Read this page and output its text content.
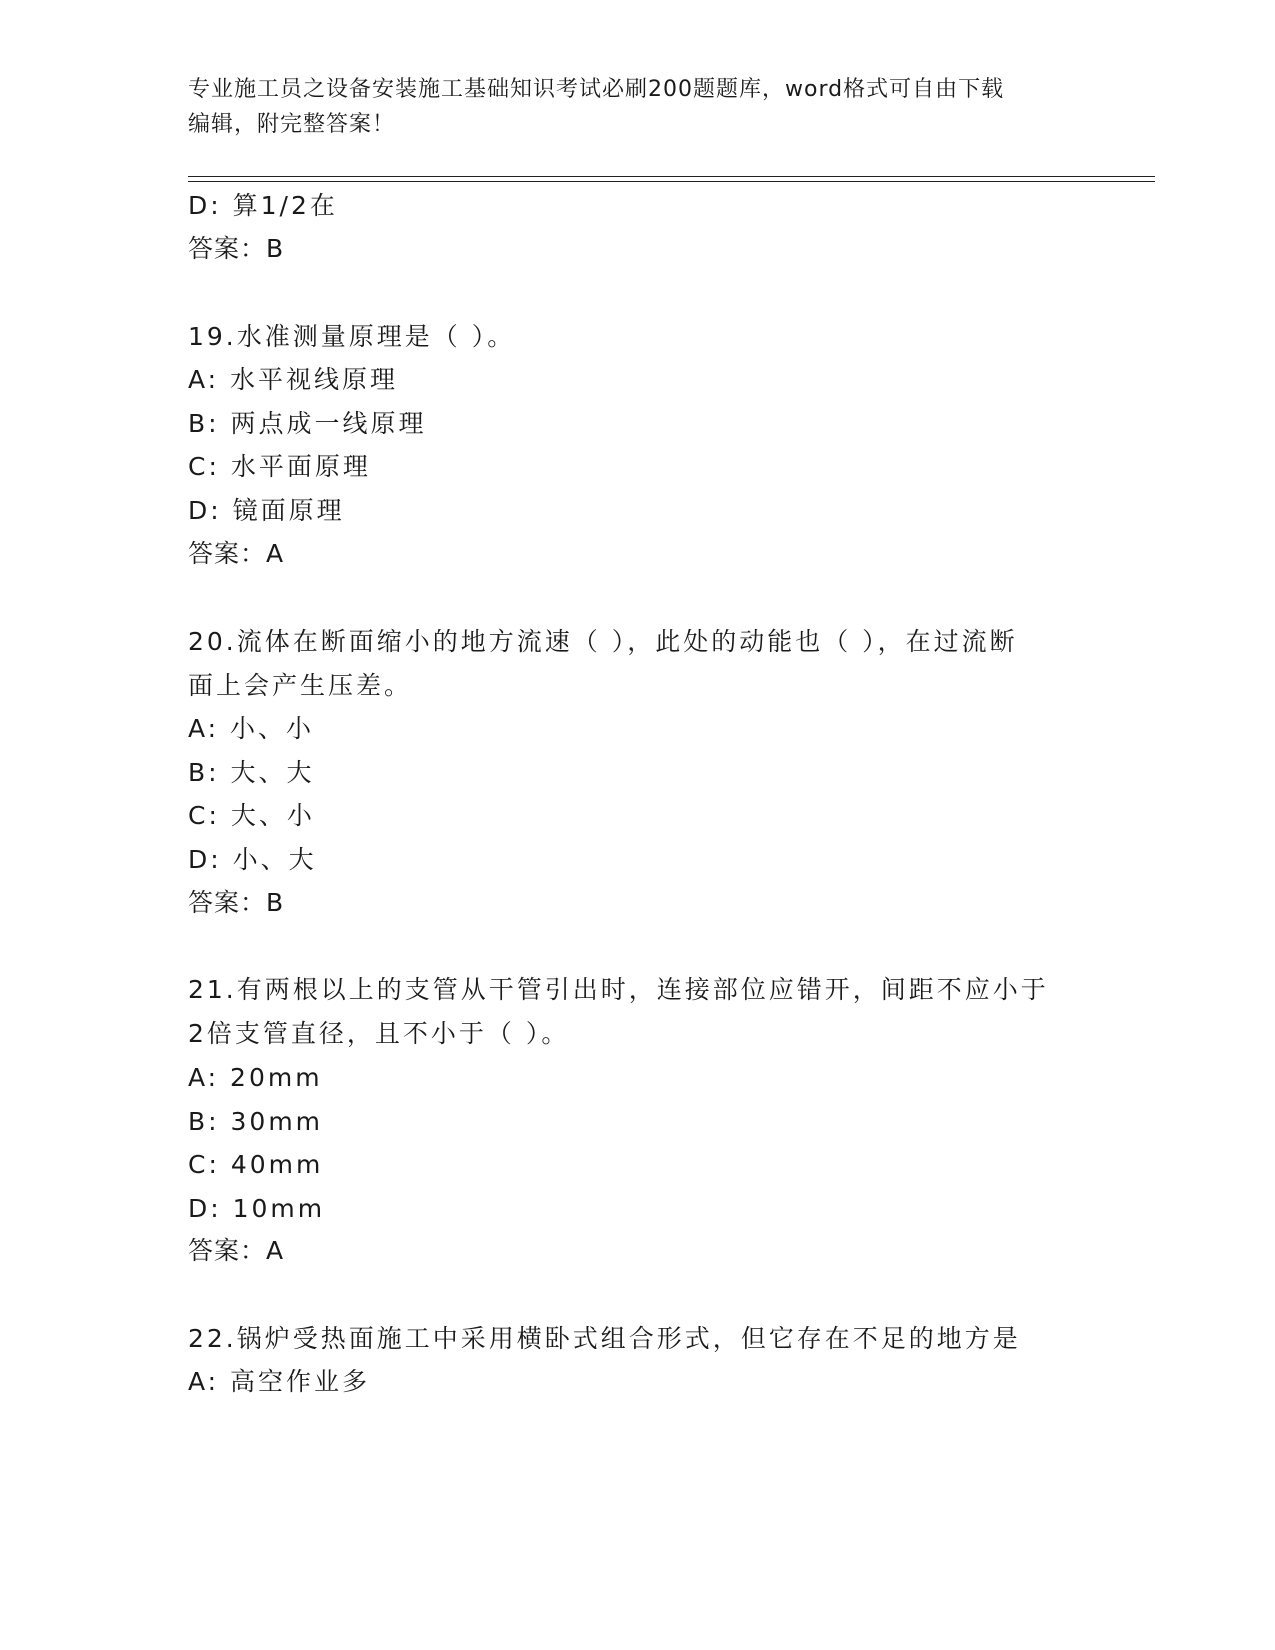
专业施工员之设备安装施工基础知识考试必刷200题题库，word格式可自由下载
编辑，附完整答案！

D: 算1/2在

答案：B

19.水准测量原理是（ ）。

A: 水平视线原理

B: 两点成一线原理

C: 水平面原理

D: 镜面原理

答案：A

20.流体在断面缩小的地方流速（ ），此处的动能也（ ），在过流断

面上会产生压差。

A: 小、小

B: 大、大

C: 大、小

D: 小、大

答案：B

21.有两根以上的支管从干管引出时，连接部位应错开，间距不应小于

2倍支管直径，且不小于（ ）。

A: 20mm

B: 30mm

C: 40mm

D: 10mm

答案：A

22.锅炉受热面施工中采用横卧式组合形式，但它存在不足的地方是

A: 高空作业多
